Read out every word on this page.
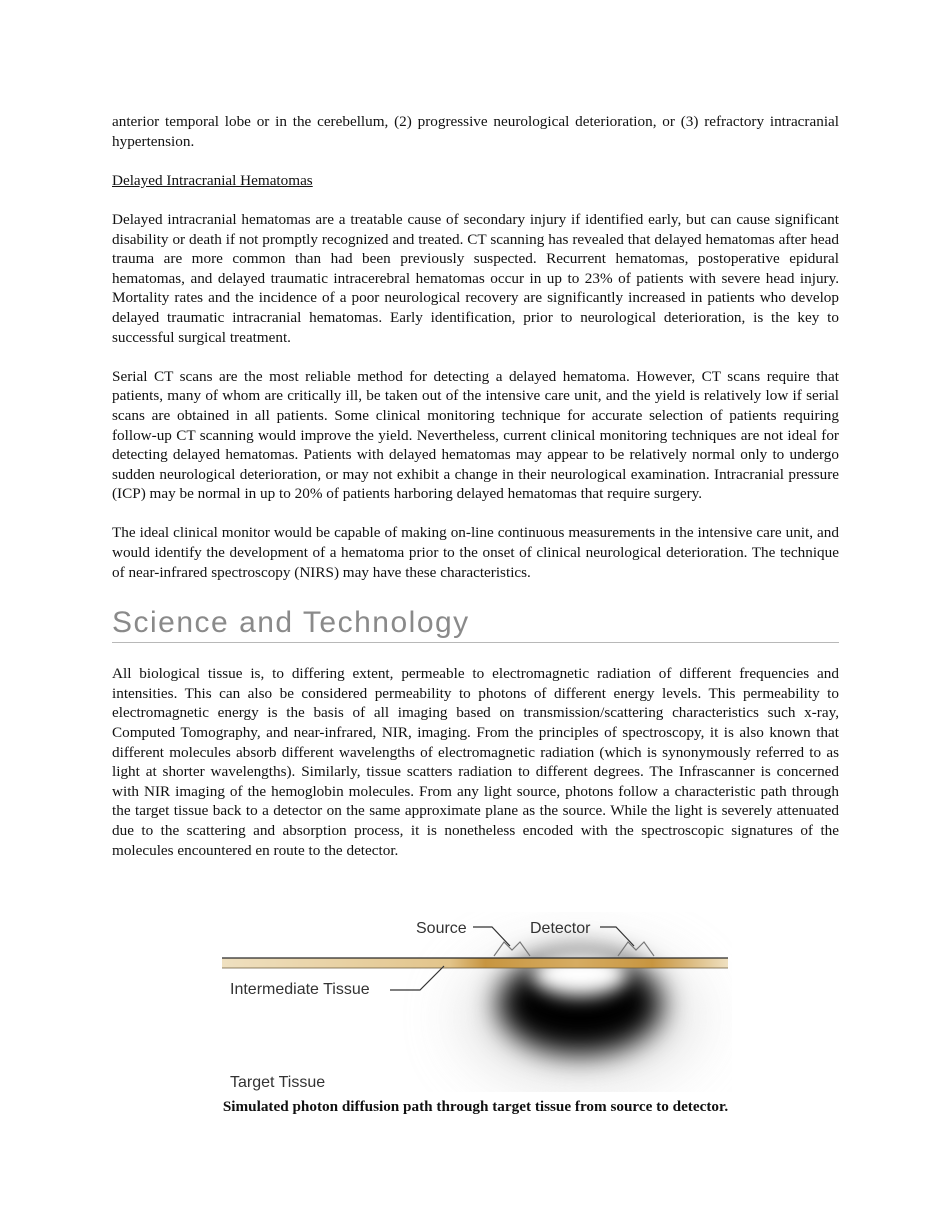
anterior temporal lobe or in the cerebellum, (2) progressive neurological deterioration, or (3) refractory intracranial hypertension.

Delayed Intracranial Hematomas

Delayed intracranial hematomas are a treatable cause of secondary injury if identified early, but can cause significant disability or death if not promptly recognized and treated. CT scanning has revealed that delayed hematomas after head trauma are more common than had been previously suspected. Recurrent hematomas, postoperative epidural hematomas, and delayed traumatic intracerebral hematomas occur in up to 23% of patients with severe head injury. Mortality rates and the incidence of a poor neurological recovery are significantly increased in patients who develop delayed traumatic intracranial hematomas. Early identification, prior to neurological deterioration, is the key to successful surgical treatment.

Serial CT scans are the most reliable method for detecting a delayed hematoma. However, CT scans require that patients, many of whom are critically ill, be taken out of the intensive care unit, and the yield is relatively low if serial scans are obtained in all patients. Some clinical monitoring technique for accurate selection of patients requiring follow-up CT scanning would improve the yield. Nevertheless, current clinical monitoring techniques are not ideal for detecting delayed hematomas. Patients with delayed hematomas may appear to be relatively normal only to undergo sudden neurological deterioration, or may not exhibit a change in their neurological examination. Intracranial pressure (ICP) may be normal in up to 20% of patients harboring delayed hematomas that require surgery.

The ideal clinical monitor would be capable of making on-line continuous measurements in the intensive care unit, and would identify the development of a hematoma prior to the onset of clinical neurological deterioration. The technique of near-infrared spectroscopy (NIRS) may have these characteristics.

Science and Technology

All biological tissue is, to differing extent, permeable to electromagnetic radiation of different frequencies and intensities. This can also be considered permeability to photons of different energy levels. This permeability to electromagnetic energy is the basis of all imaging based on transmission/scattering characteristics such x-ray, Computed Tomography, and near-infrared, NIR, imaging. From the principles of spectroscopy, it is also known that different molecules absorb different wavelengths of electromagnetic radiation (which is synonymously referred to as light at shorter wavelengths). Similarly, tissue scatters radiation to different degrees. The Infrascanner is concerned with NIR imaging of the hemoglobin molecules. From any light source, photons follow a characteristic path through the target tissue back to a detector on the same approximate plane as the source. While the light is severely attenuated due to the scattering and absorption process, it is nonetheless encoded with the spectroscopic signatures of the molecules encountered en route to the detector.

Source	Detector
Intermediate Tissue
Target Tissue
Simulated photon diffusion path through target tissue from source to detector.
